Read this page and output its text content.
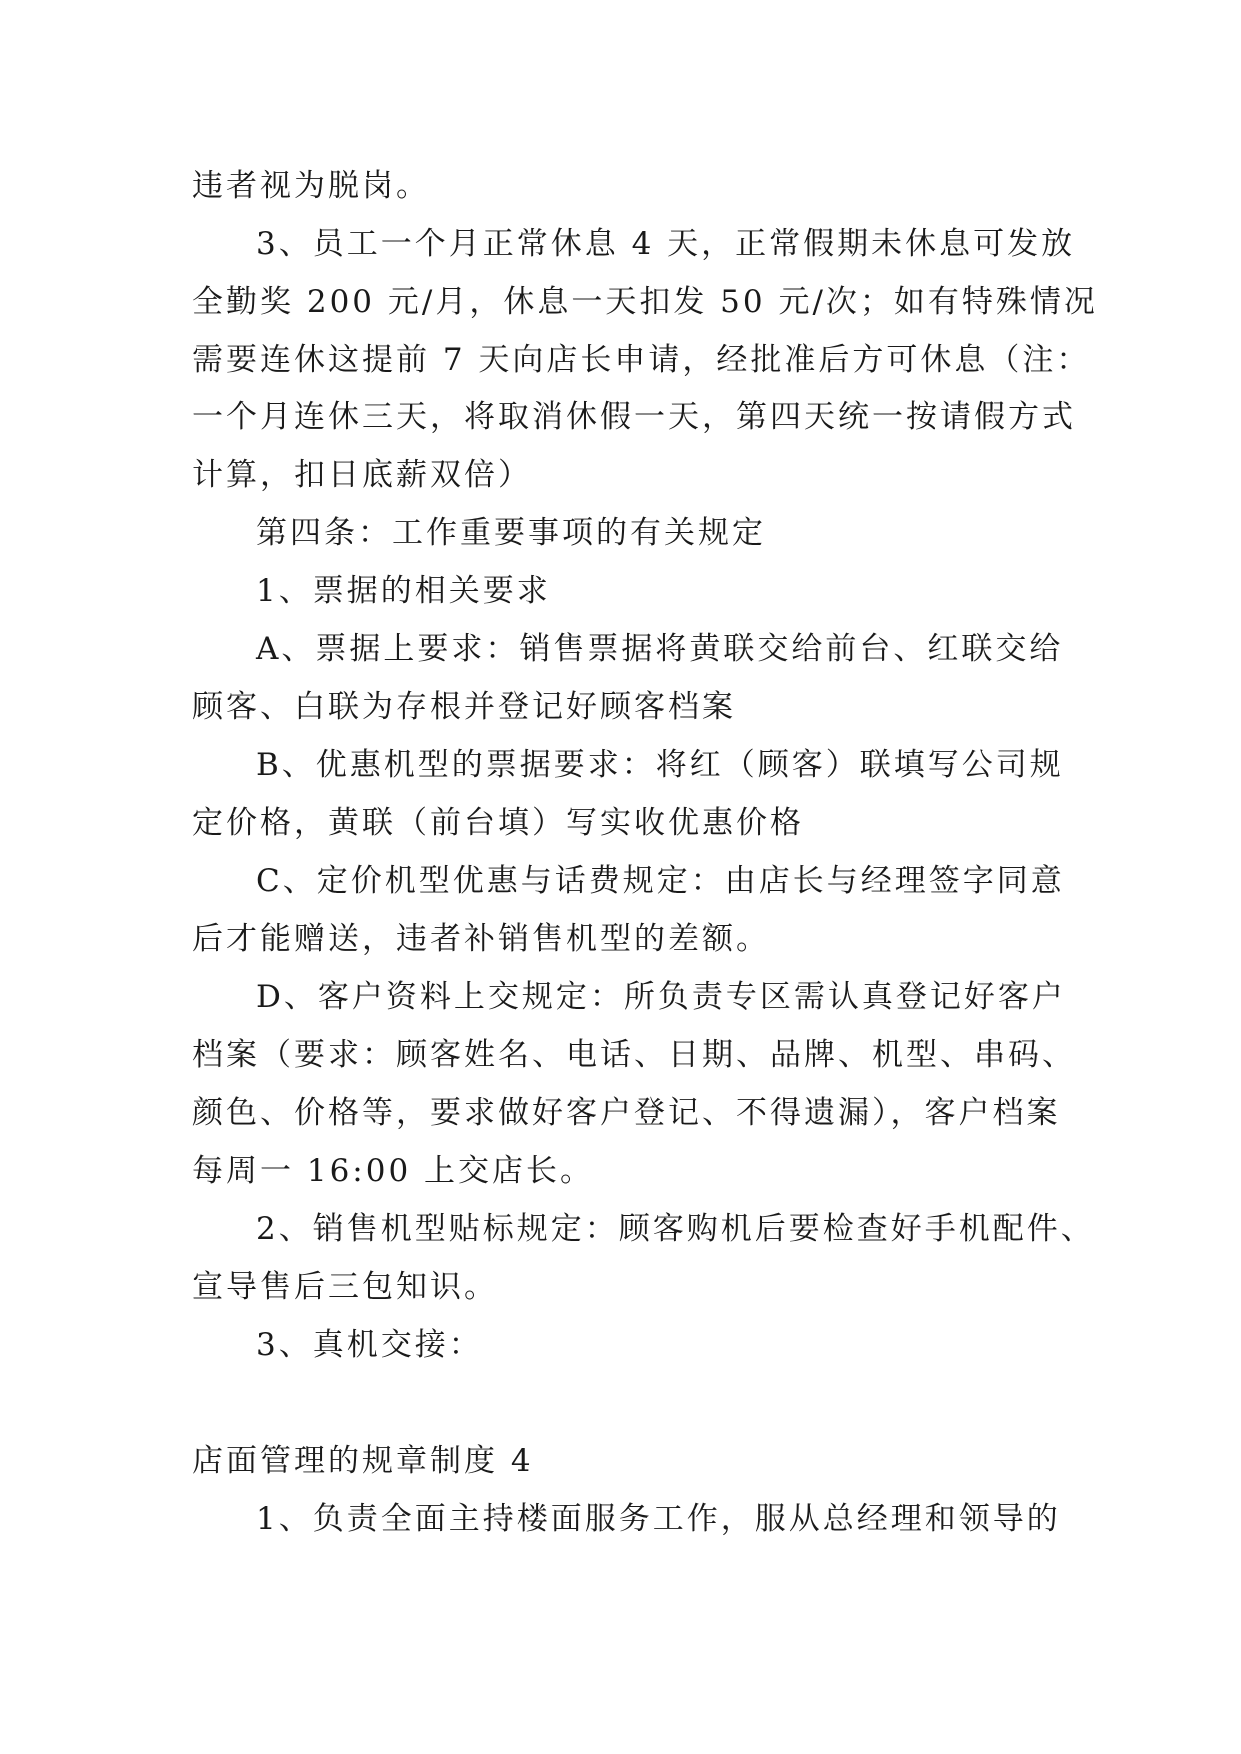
违者视为脱岗。
3、员工一个月正常休息 4 天，正常假期未休息可发放
全勤奖 200 元/月，休息一天扣发 50 元/次；如有特殊情况
需要连休这提前 7 天向店长申请，经批准后方可休息（注：
一个月连休三天，将取消休假一天，第四天统一按请假方式
计算，扣日底薪双倍）
第四条：工作重要事项的有关规定
1、票据的相关要求
A、票据上要求：销售票据将黄联交给前台、红联交给
顾客、白联为存根并登记好顾客档案
B、优惠机型的票据要求：将红（顾客）联填写公司规
定价格，黄联（前台填）写实收优惠价格
C、定价机型优惠与话费规定：由店长与经理签字同意
后才能赠送，违者补销售机型的差额。
D、客户资料上交规定：所负责专区需认真登记好客户
档案（要求：顾客姓名、电话、日期、品牌、机型、串码、
颜色、价格等，要求做好客户登记、不得遗漏），客户档案
每周一 16:00 上交店长。
2、销售机型贴标规定：顾客购机后要检查好手机配件、
宣导售后三包知识。
3、真机交接：
店面管理的规章制度 4
1、负责全面主持楼面服务工作，服从总经理和领导的
